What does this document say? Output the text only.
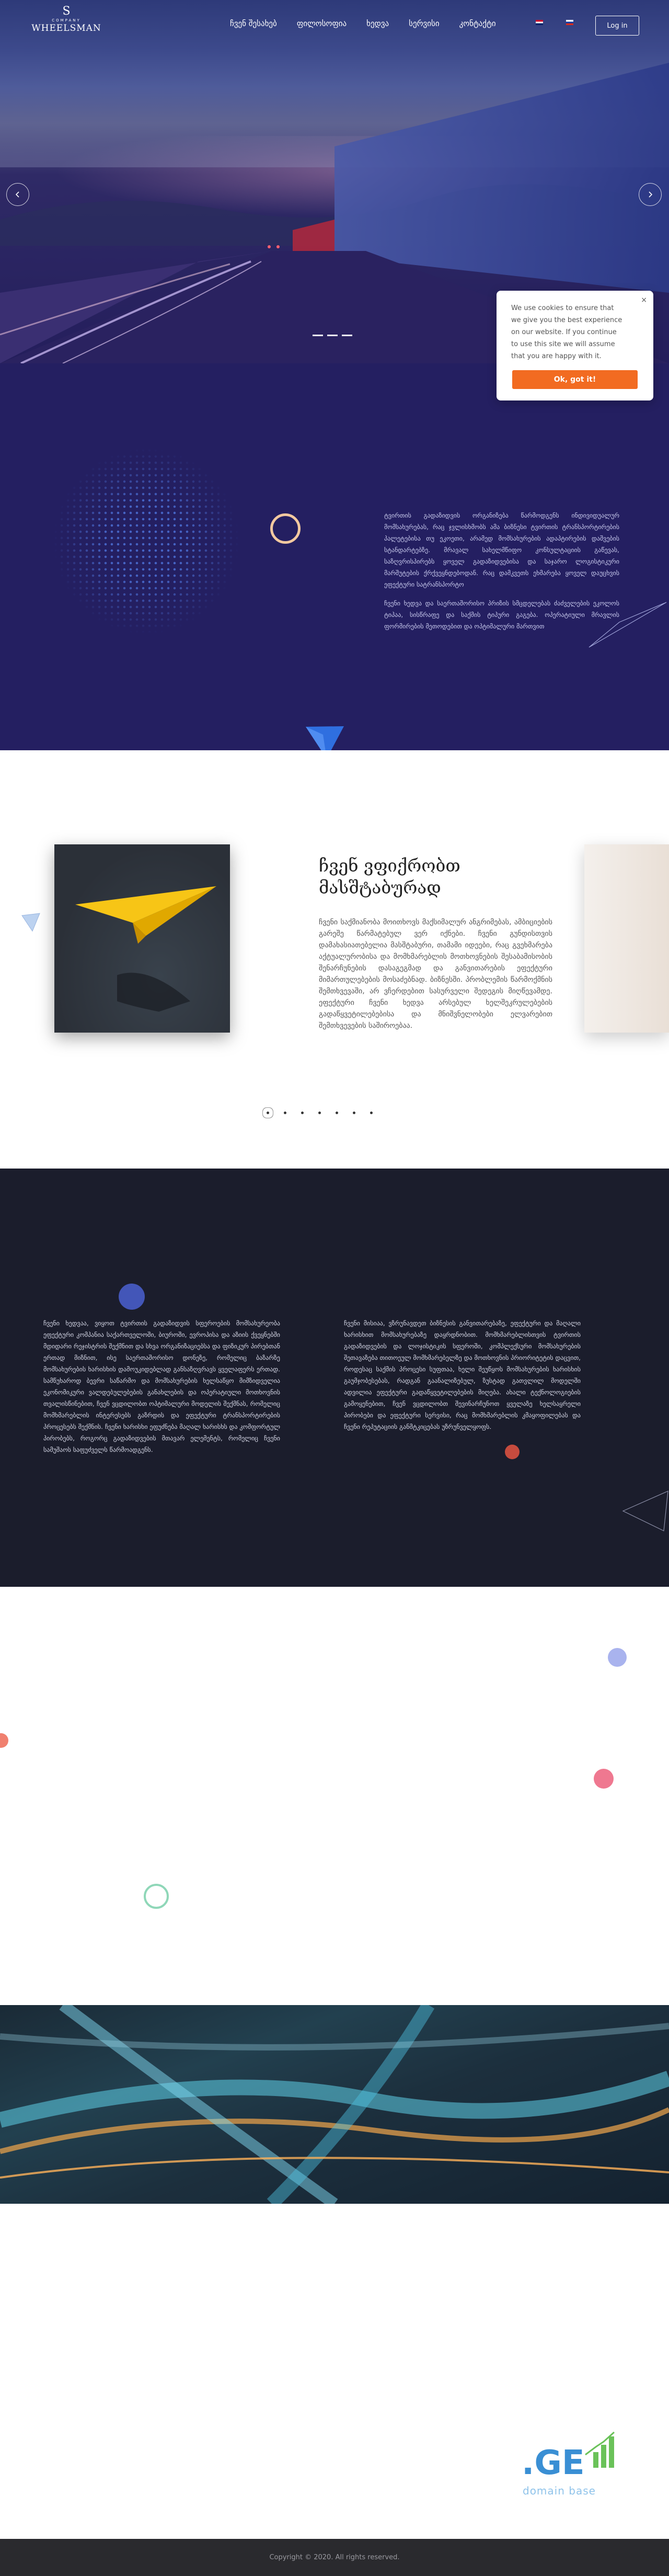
S
COMPANY
WHEELSMAN	ჩვენ შესახებ	ფილოსოფია	ხედვა	სერვისი	კონტაქტი	Log in
×

We use cookies to ensure that we give you the best experience on our website. If you continue to use this site we will assume that you are happy with it.

Ok, got it!

ტვირთის გადაზიდვის ორგანიზება წარმოდგენს ინდივიდუალურ მომსახურებას, რაც ჯვლისხმობს ამა ბიზნესი ტვირთის ტრანსპორტირების პალეტებისა თუ ეკოეთი, არამედ მომსახურების ადაპტირების დაშვების სტანდარტებზე. მრავალ სახელმწიფო კონსულტაციის გაწევას, საზღვრისპირებს ყოველ გადაზიდვებისა და საჯარო ლოგისტიკური მარშუტების ქრქვეყნდებოდან. რაც დამკვეთს ეხმარება ყოველ დაუცხვის ეფექტური სატრანსპორტო

ჩვენი ხედვა და საერთაშორისო პრიზის სმცდელებას ძაძველების ეკოლოს ტიპაა, სისწრაფე და საქმის ტიპური გაგება. ოპერატიული მრავლის ფორმირების მეთოდებით და ოპტიმალური მართვით

ჩვენ ვფიქრობთ მასშტაბურად
ჩვენი საქმიანობა მოითხოვს მაქსიმალურ ანგრიმებას, ამბიციების გარეშე წარმატებულ ვერ იქნები. ჩვენი გუნდისთვის დამახასიათებელია მასშტაბური, თამამი იდეები, რაც გვეხმარება აქტუალურობისა და მომხმარებლის მოთხოვნების შესაბამისობის შენარჩუნების დასაგეგმად და განვითარების ეფექტური მიმართულებების მოსაძებნად. ბიზნესში. პრობლემის წარმოქმნის შემთხვევაში, არ ვჩერდებით სასურველი შედეგის მიღწევამდე. ეფექტური ჩვენი ხედვა არსებულ ხელშეკრულებების გადაწყვეტილებებისა და მნიშვნელობები ელვარებით შემთხვევების საშიროებაა.
ჩვენი ხედვაა, ვიყოთ ტვირთის გადაზიდვის სფეროების მომსახურეობა ეფექტური კომპანია საქართველოში, ბიუროში, ევროპისა და აზიის ქვეყნებში მდიდარი რეჯისტრის შექმნით და სხვა ორგანიზაციებსა და ფიზიკურ პირებთან ერთად მიზნით, ისე საერთაშორისო დონეზე, რომელიც ბაზარზე მომსახურების ხარისხის დამოუკიდებლად განსაზღვრავს ყველაფერს ერთად. სამწუხაროდ ბევრი საწარმო და მომსახურების ხელსაწყო მიმზიდველია ეკონომიკური ვალდებულებების განახლების და ოპერატიული მოთხოვნის თვალისწინებით, ჩვენ ვცდილობთ ოპტიმალური მოდელის შექმნას, რომელიც მომხმარებლის ინტერესებს გაზრდის და ეფექტური ტრანსპორტირების პროცესებს შექმნის. ჩვენი ხარისხი ეფუძნება მაღალ ხარისხს და კომფორტულ პირობებს, როგორც გადაზიდვების მთავარ ელემენტს, რომელიც ჩვენი სამუშაოს საფუძველს წარმოადგენს.
ჩვენი მისიაა, ვზრუნავდეთ ბიზნესის განვითარებაზე, ეფექტური და მაღალი ხარისხით მომსახურებაზე დაყრდნობით. მომხმარებლისთვის ტვირთის გადაზიდვების და ლოჯისტიკის სფეროში, კომპლექსური მომსახურების შეთავაზება თითოეულ მომხმარებელზე და მოთხოვნის პრიორიტეტის დაცვით, როდესაც საქმის პროცესი სუფთაა, ხელი შეუწყოს მომსახურების ხარისხის გაუმჯობესებას, რადგან გაანალიზებულ, ზუსტად გათვლილ მოდელში ადვილია ეფექტური გადაწყვეტილებების მიღება. ახალი ტექნოლოგიების გამოყენებით, ჩვენ ვცდილობთ შევინარჩუნოთ ყველაზე ხელსაყრელი პირობები და ეფექტური სერვისი, რაც მომხმარებლის კმაყოფილებას და ჩვენი რეპუტაციის განმტკიცებას უზრუნველყოფს.
.GE
domain base
Copyright © 2020. All rights reserved.
